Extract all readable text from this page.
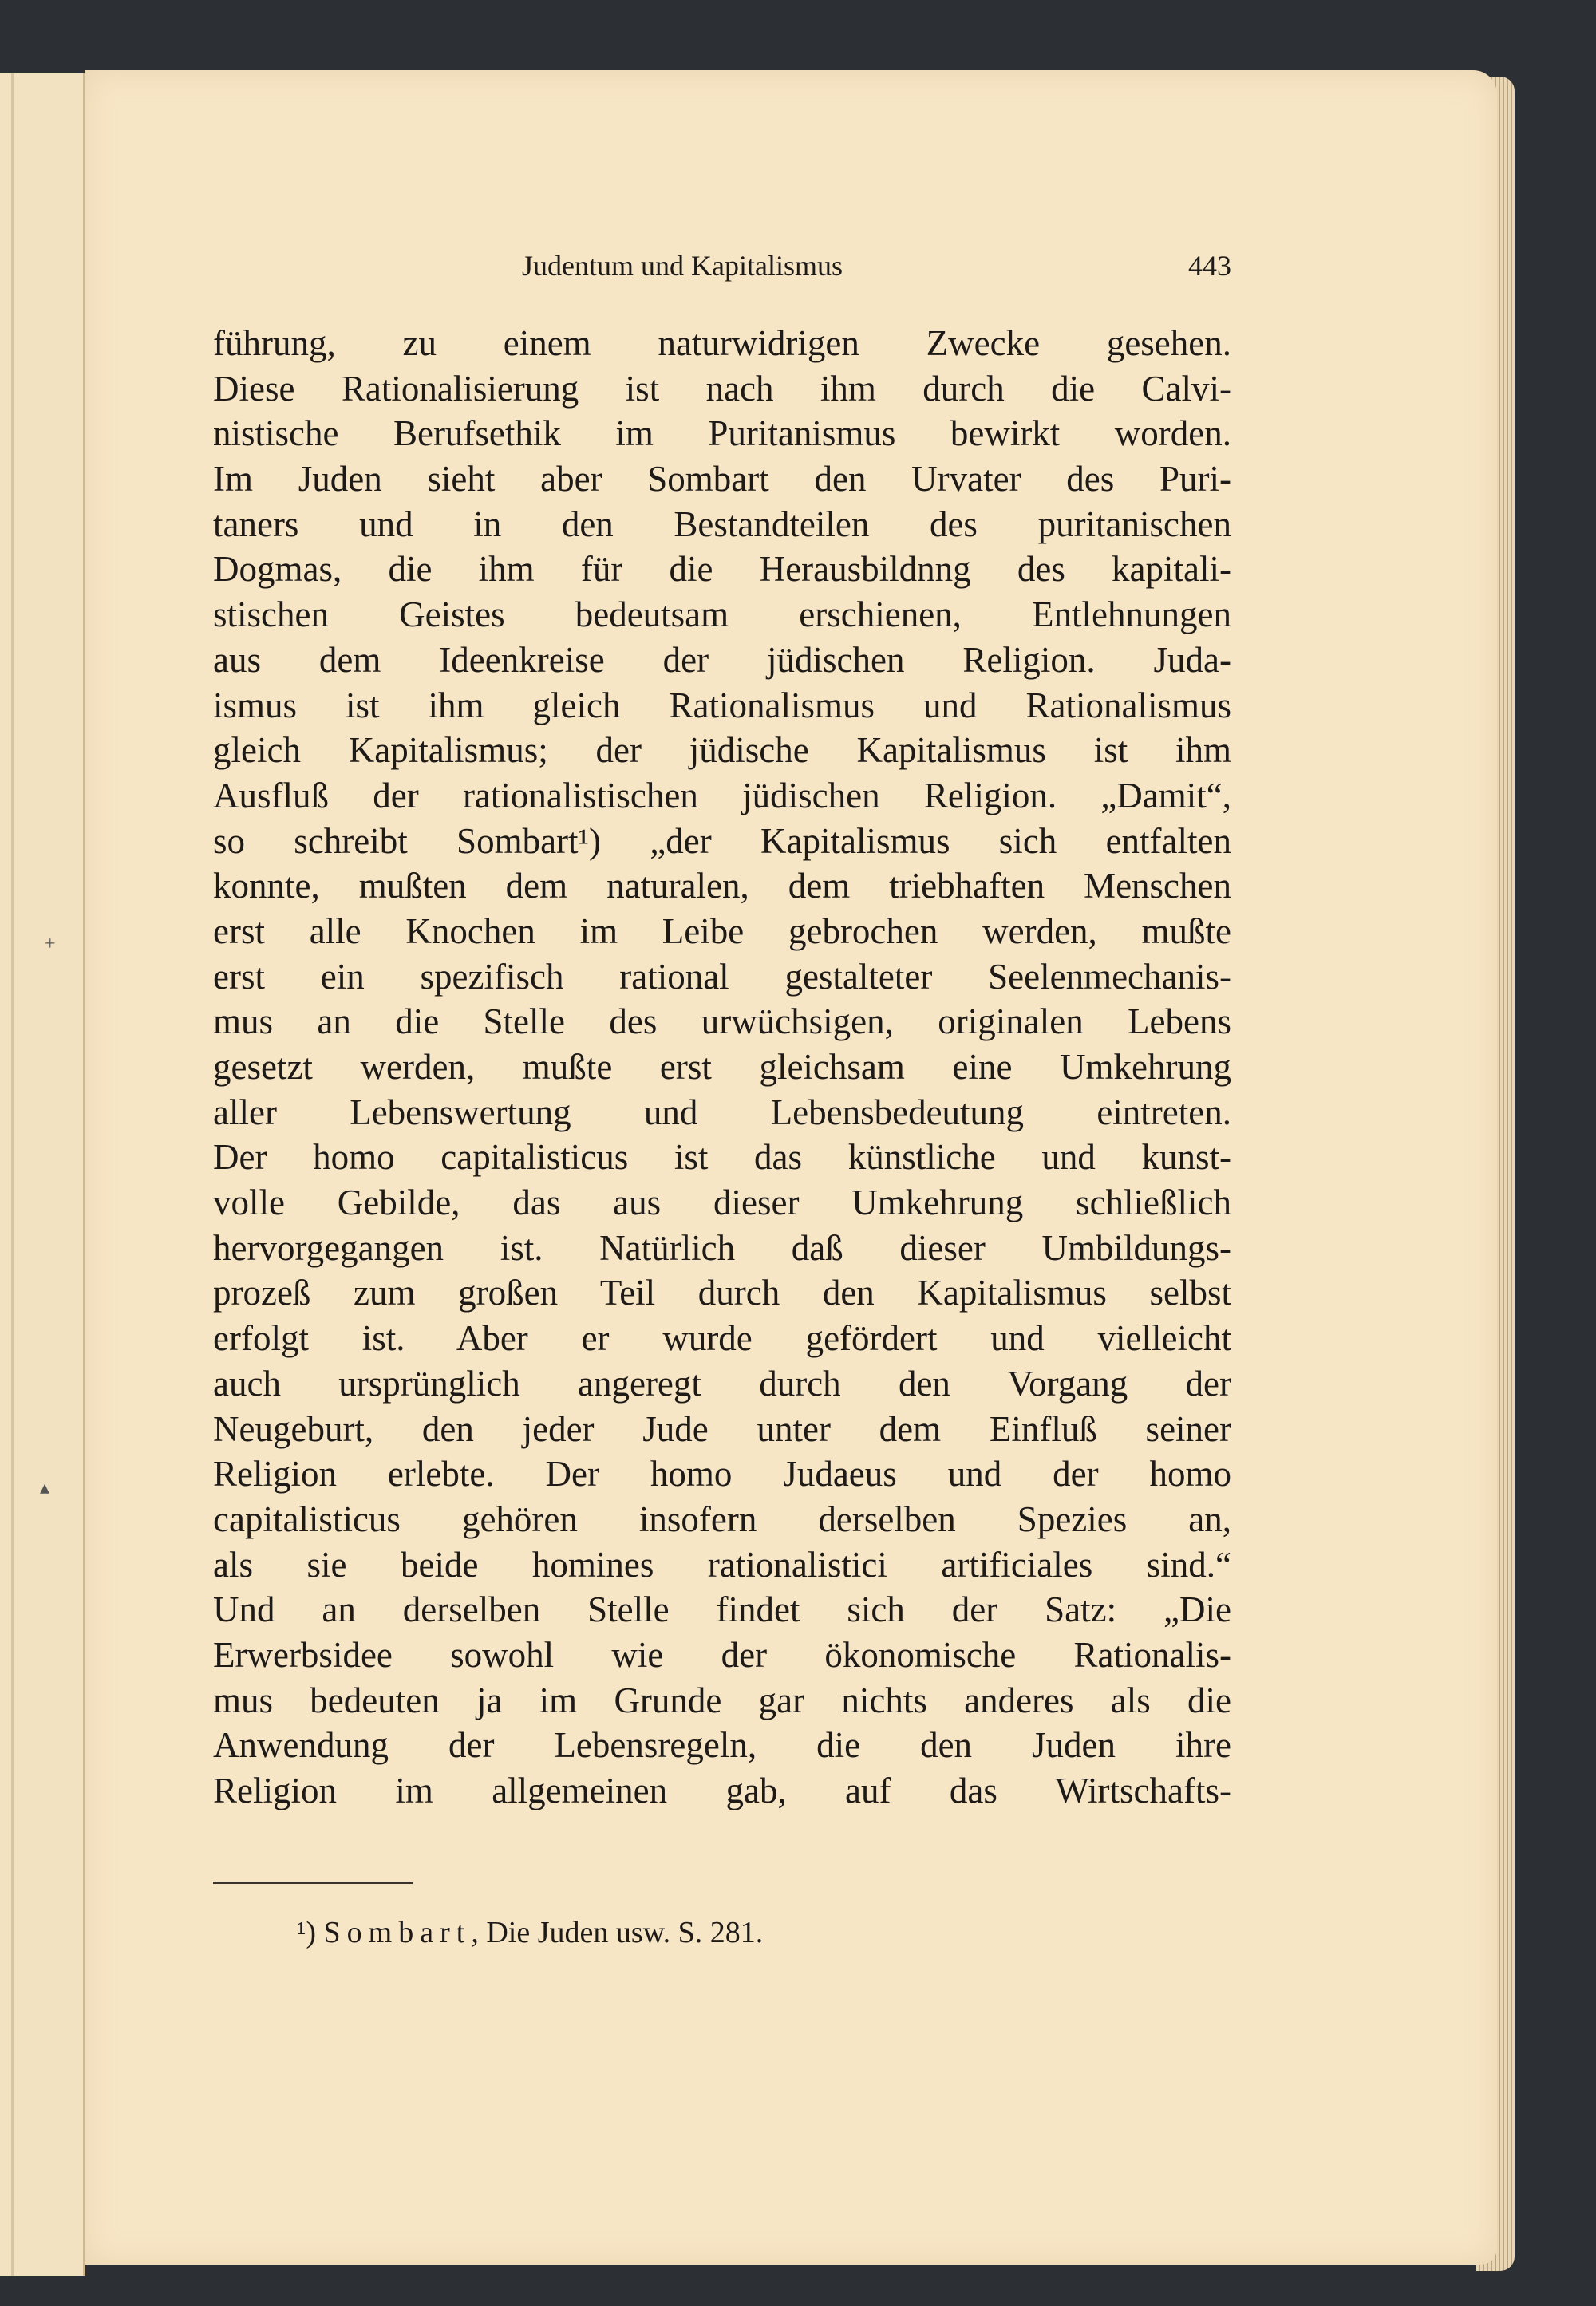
+
▴
Judentum und Kapitalismus	443
führung, zu einem naturwidrigen Zwecke gesehen.
Diese Rationalisierung ist nach ihm durch die Calvi-
nistische Berufsethik im Puritanismus bewirkt worden.
Im Juden sieht aber Sombart den Urvater des Puri-
taners und in den Bestandteilen des puritanischen
Dogmas, die ihm für die Herausbildnng des kapitali-
stischen Geistes bedeutsam erschienen, Entlehnungen
aus dem Ideenkreise der jüdischen Religion. Juda-
ismus ist ihm gleich Rationalismus und Rationalismus
gleich Kapitalismus; der jüdische Kapitalismus ist ihm
Ausfluß der rationalistischen jüdischen Religion. „Damit“,
so schreibt Sombart¹) „der Kapitalismus sich entfalten
konnte, mußten dem naturalen, dem triebhaften Menschen
erst alle Knochen im Leibe gebrochen werden, mußte
erst ein spezifisch rational gestalteter Seelenmechanis-
mus an die Stelle des urwüchsigen, originalen Lebens
gesetzt werden, mußte erst gleichsam eine Umkehrung
aller Lebenswertung und Lebensbedeutung eintreten.
Der homo capitalisticus ist das künstliche und kunst-
volle Gebilde, das aus dieser Umkehrung schließlich
hervorgegangen ist. Natürlich daß dieser Umbildungs-
prozeß zum großen Teil durch den Kapitalismus selbst
erfolgt ist. Aber er wurde gefördert und vielleicht
auch ursprünglich angeregt durch den Vorgang der
Neugeburt, den jeder Jude unter dem Einfluß seiner
Religion erlebte. Der homo Judaeus und der homo
capitalisticus gehören insofern derselben Spezies an,
als sie beide homines rationalistici artificiales sind.“
Und an derselben Stelle findet sich der Satz: „Die
Erwerbsidee sowohl wie der ökonomische Rationalis-
mus bedeuten ja im Grunde gar nichts anderes als die
Anwendung der Lebensregeln, die den Juden ihre
Religion im allgemeinen gab, auf das Wirtschafts-
¹) Sombart, Die Juden usw. S. 281.
